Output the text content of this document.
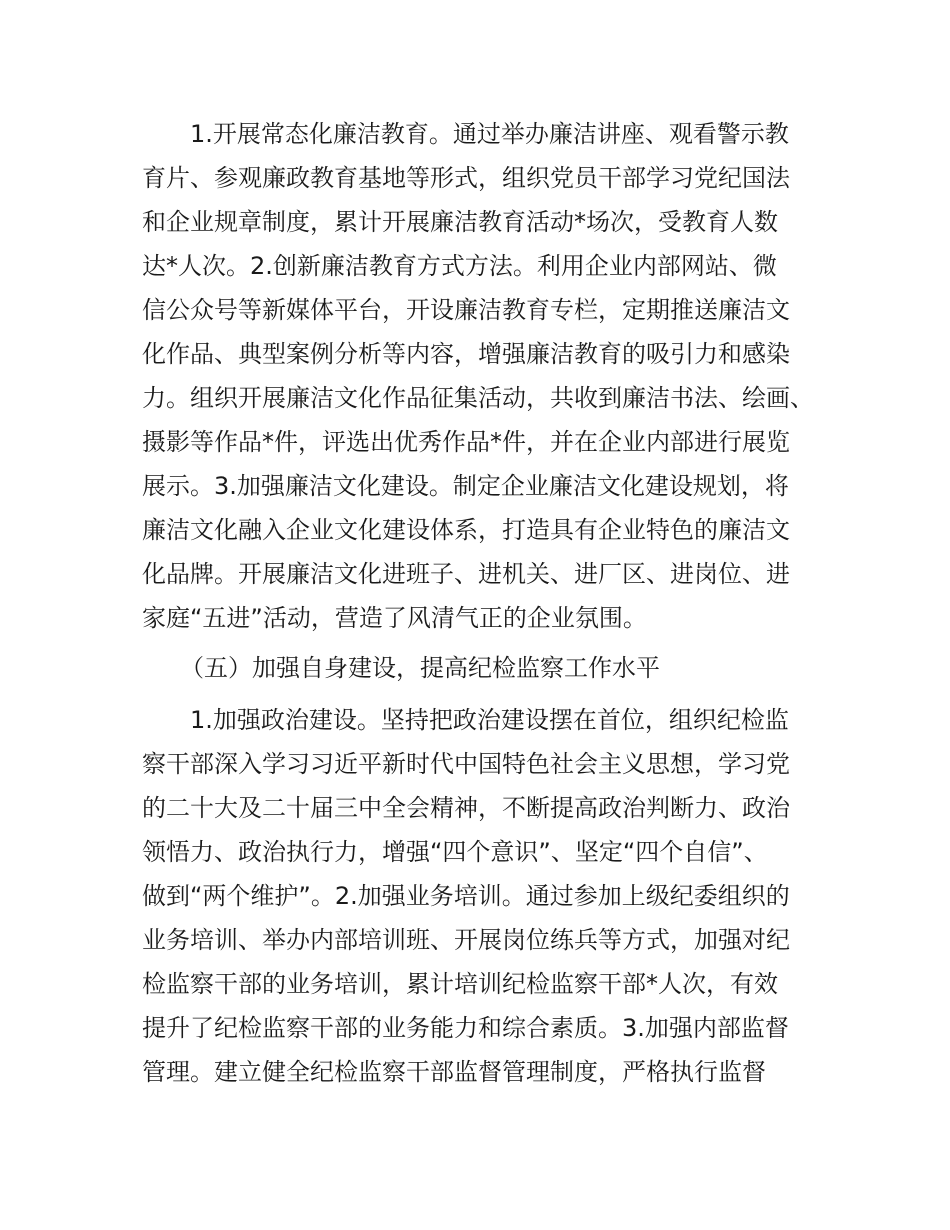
1.开展常态化廉洁教育。通过举办廉洁讲座、观看警示教
育片、参观廉政教育基地等形式，组织党员干部学习党纪国法
和企业规章制度，累计开展廉洁教育活动*场次，受教育人数
达*人次。2.创新廉洁教育方式方法。利用企业内部网站、微
信公众号等新媒体平台，开设廉洁教育专栏，定期推送廉洁文
化作品、典型案例分析等内容，增强廉洁教育的吸引力和感染
力。组织开展廉洁文化作品征集活动，共收到廉洁书法、绘画、
摄影等作品*件，评选出优秀作品*件，并在企业内部进行展览
展示。3.加强廉洁文化建设。制定企业廉洁文化建设规划，将
廉洁文化融入企业文化建设体系，打造具有企业特色的廉洁文
化品牌。开展廉洁文化进班子、进机关、进厂区、进岗位、进
家庭“五进”活动，营造了风清气正的企业氛围。
（五）加强自身建设，提高纪检监察工作水平
1.加强政治建设。坚持把政治建设摆在首位，组织纪检监
察干部深入学习习近平新时代中国特色社会主义思想，学习党
的二十大及二十届三中全会精神，不断提高政治判断力、政治
领悟力、政治执行力，增强“四个意识”、坚定“四个自信”、
做到“两个维护”。2.加强业务培训。通过参加上级纪委组织的
业务培训、举办内部培训班、开展岗位练兵等方式，加强对纪
检监察干部的业务培训，累计培训纪检监察干部*人次，有效
提升了纪检监察干部的业务能力和综合素质。3.加强内部监督
管理。建立健全纪检监察干部监督管理制度，严格执行监督
